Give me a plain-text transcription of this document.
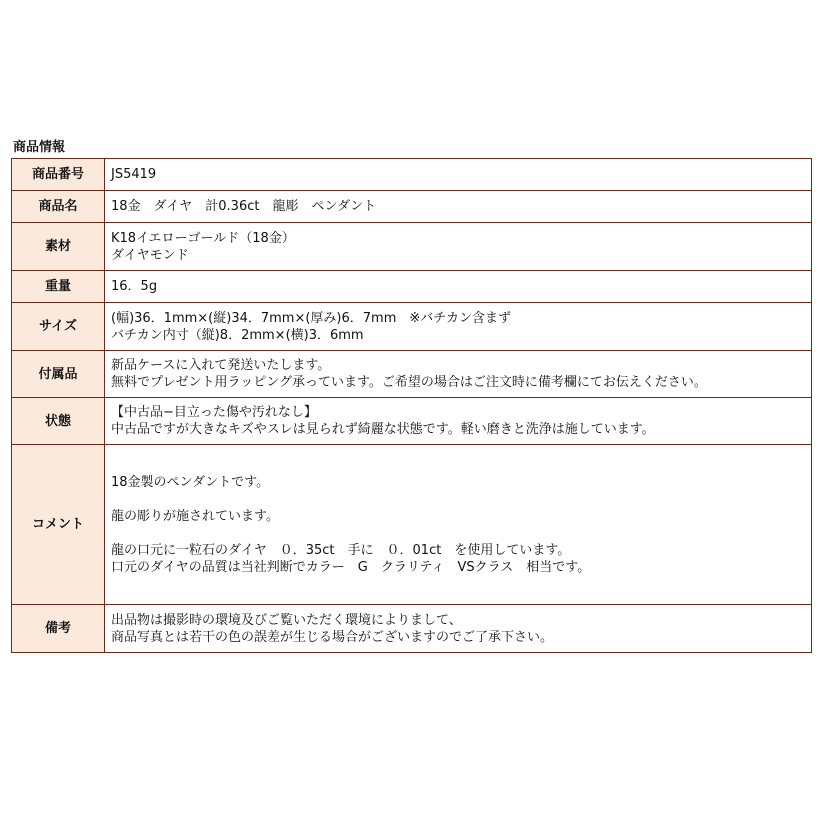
商品情報
商品番号	JS5419
商品名	18金　ダイヤ　計0.36ct　龍彫　ペンダント
素材	K18イエローゴールド（18金）
ダイヤモンド

重量	16．5g
サイズ	(幅)36．1mm×(縦)34．7mm×(厚み)6．7mm　※バチカン含まず
バチカン内寸（縦)8．2mm×(横)3．6mm

付属品	新品ケースに入れて発送いたします。
無料でプレゼント用ラッピング承っています。ご希望の場合はご注文時に備考欄にてお伝えください。

状態	【中古品−目立った傷や汚れなし】
中古品ですが大きなキズやスレは見られず綺麗な状態です。軽い磨きと洗浄は施しています。

コメント	18金製のペンダントです。
龍の彫りが施されています。
龍の口元に一粒石のダイヤ　０．35ct　手に　０．01ct　を使用しています。
口元のダイヤの品質は当社判断でカラー　G　クラリティ　VSクラス　相当です。

備考	出品物は撮影時の環境及びご覧いただく環境によりまして、
商品写真とは若干の色の誤差が生じる場合がございますのでご了承下さい。
